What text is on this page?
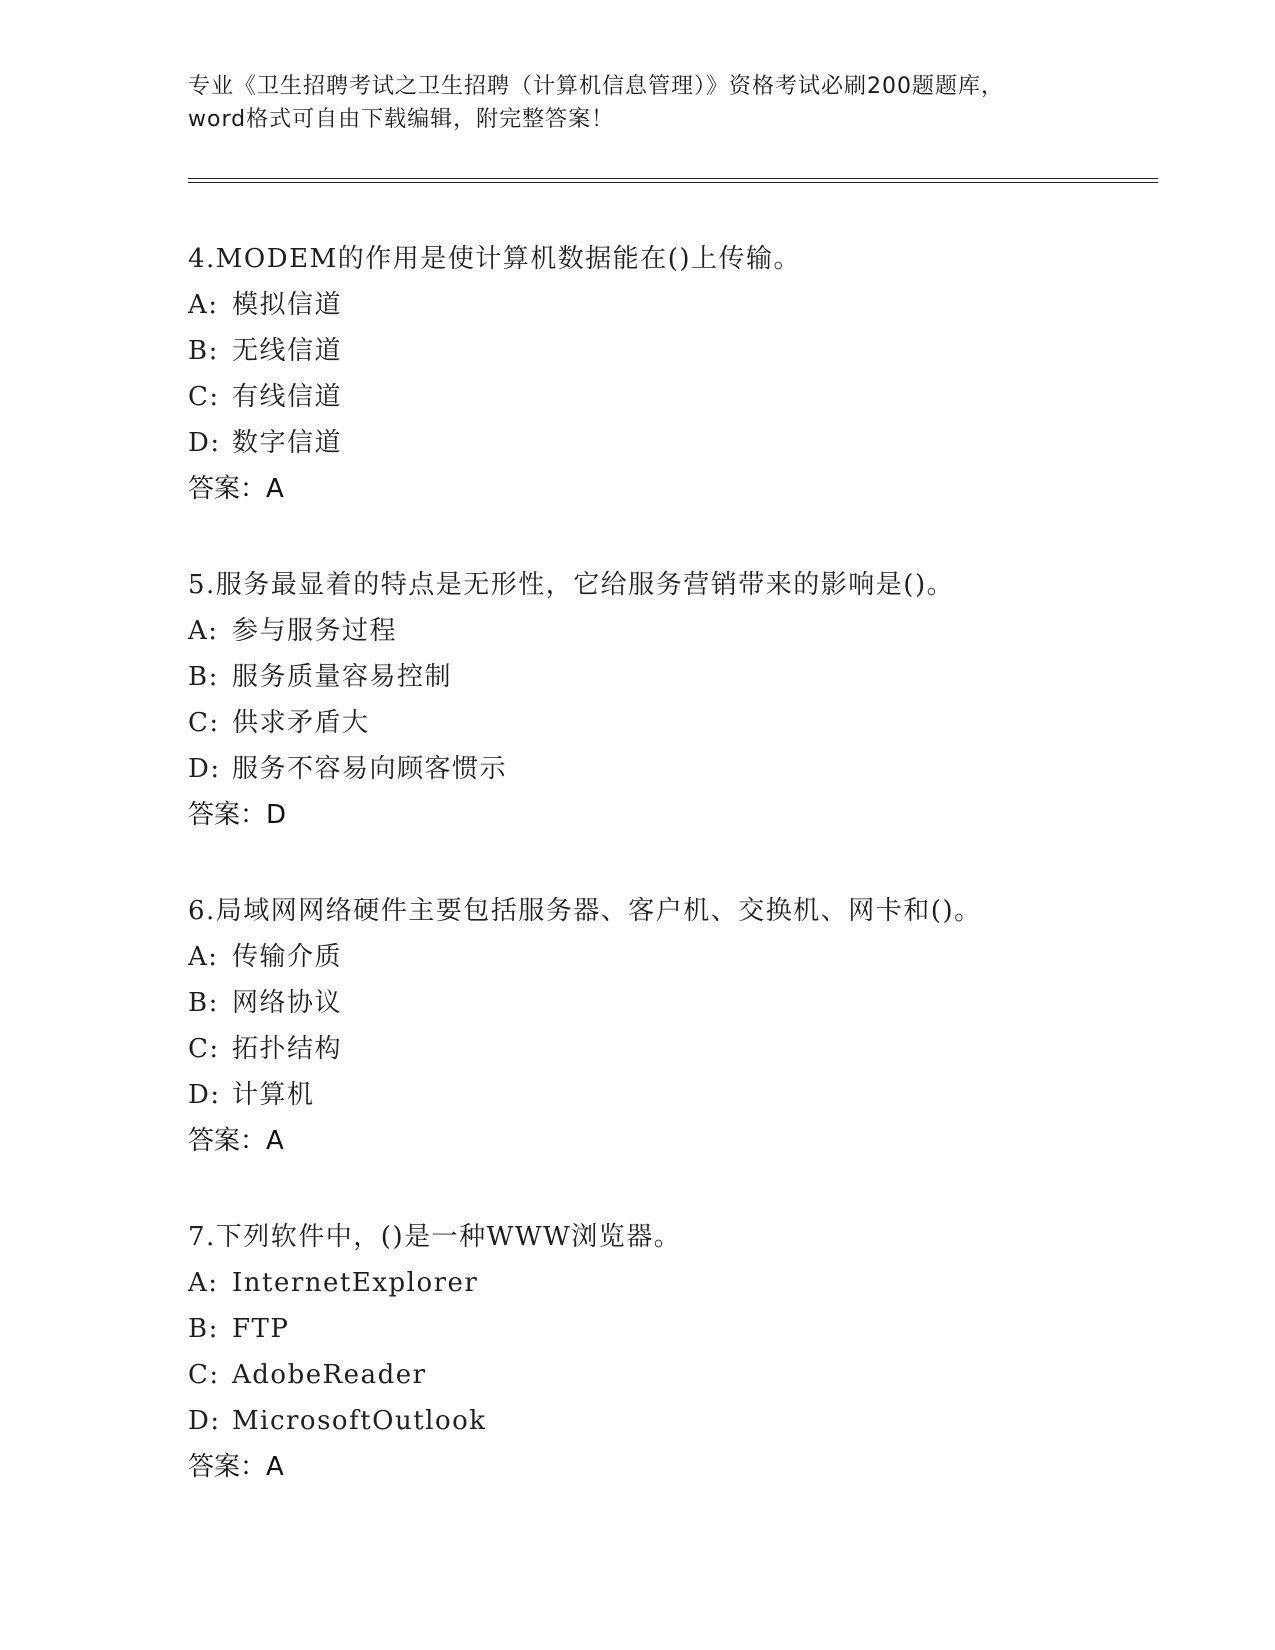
专业《卫生招聘考试之卫生招聘（计算机信息管理）》资格考试必刷200题题库，
word格式可自由下载编辑，附完整答案！
4.MODEM的作用是使计算机数据能在()上传输。
A: 模拟信道
B: 无线信道
C: 有线信道
D: 数字信道
答案：A
5.服务最显着的特点是无形性，它给服务营销带来的影响是()。
A: 参与服务过程
B: 服务质量容易控制
C: 供求矛盾大
D: 服务不容易向顾客惯示
答案：D
6.局域网网络硬件主要包括服务器、客户机、交换机、网卡和()。
A: 传输介质
B: 网络协议
C: 拓扑结构
D: 计算机
答案：A
7.下列软件中，()是一种WWW浏览器。
A: InternetExplorer
B: FTP
C: AdobeReader
D: MicrosoftOutlook
答案：A
